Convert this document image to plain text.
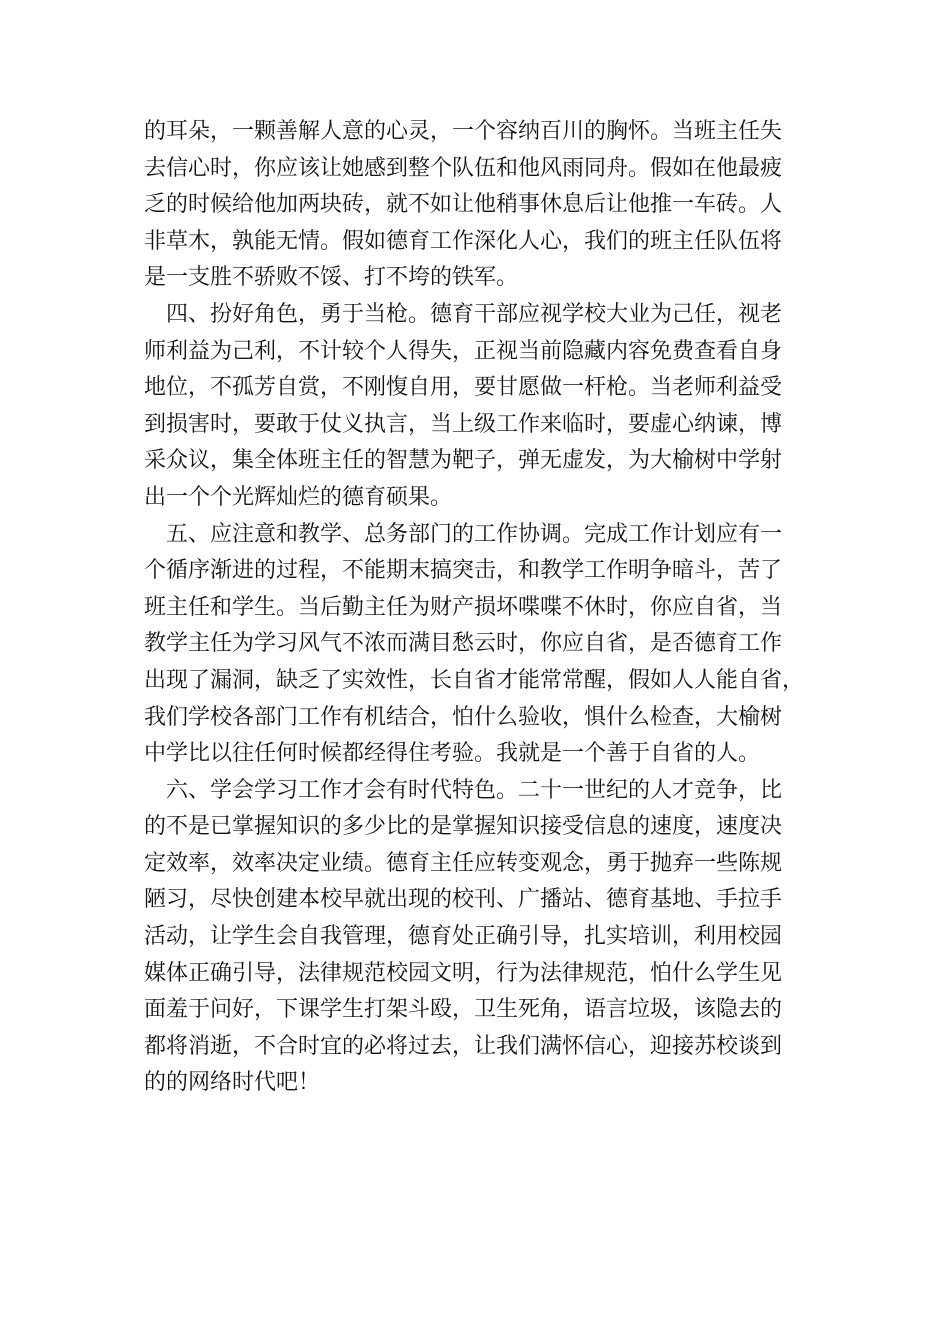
的耳朵，一颗善解人意的心灵，一个容纳百川的胸怀。当班主任失
去信心时，你应该让她感到整个队伍和他风雨同舟。假如在他最疲
乏的时候给他加两块砖，就不如让他稍事休息后让他推一车砖。人
非草木，孰能无情。假如德育工作深化人心，我们的班主任队伍将
是一支胜不骄败不馁、打不垮的铁军。
　四、扮好角色，勇于当枪。德育干部应视学校大业为己任，视老
师利益为己利，不计较个人得失，正视当前隐藏内容免费查看自身
地位，不孤芳自赏，不刚愎自用，要甘愿做一杆枪。当老师利益受
到损害时，要敢于仗义执言，当上级工作来临时，要虚心纳谏，博
采众议，集全体班主任的智慧为靶子，弹无虚发，为大榆树中学射
出一个个光辉灿烂的德育硕果。
　五、应注意和教学、总务部门的工作协调。完成工作计划应有一
个循序渐进的过程，不能期末搞突击，和教学工作明争暗斗，苦了
班主任和学生。当后勤主任为财产损坏喋喋不休时，你应自省，当
教学主任为学习风气不浓而满目愁云时，你应自省，是否德育工作
出现了漏洞，缺乏了实效性，长自省才能常常醒，假如人人能自省，
我们学校各部门工作有机结合，怕什么验收，惧什么检查，大榆树
中学比以往任何时候都经得住考验。我就是一个善于自省的人。
　六、学会学习工作才会有时代特色。二十一世纪的人才竞争，比
的不是已掌握知识的多少比的是掌握知识接受信息的速度，速度决
定效率，效率决定业绩。德育主任应转变观念，勇于抛弃一些陈规
陋习，尽快创建本校早就出现的校刊、广播站、德育基地、手拉手
活动，让学生会自我管理，德育处正确引导，扎实培训，利用校园
媒体正确引导，法律规范校园文明，行为法律规范，怕什么学生见
面羞于问好，下课学生打架斗殴，卫生死角，语言垃圾，该隐去的
都将消逝，不合时宜的必将过去，让我们满怀信心，迎接苏校谈到
的的网络时代吧！
